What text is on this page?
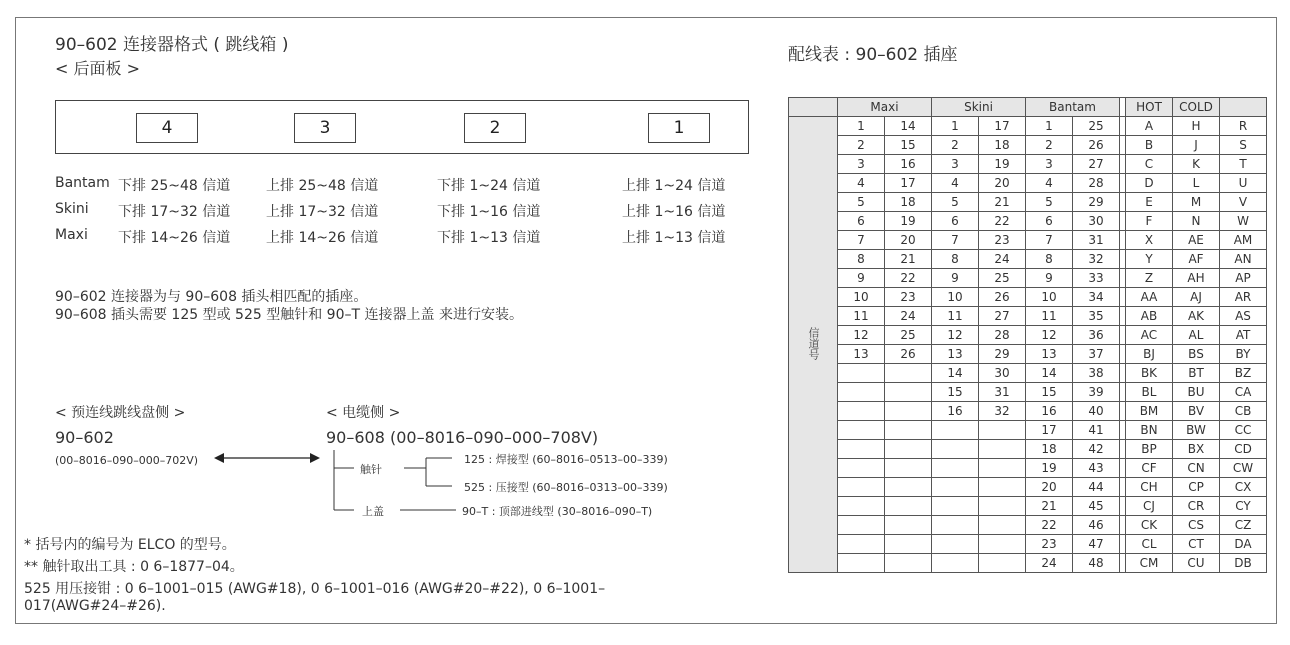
90–602 连接器格式 ( 跳线箱 )
< 后面板 >
4	3	2	1
Bantam 下排 25~48 信道	上排 25~48 信道	下排 1~24 信道	上排 1~24 信道
Skini 下排 17~32 信道	上排 17~32 信道	下排 1~16 信道	上排 1~16 信道
Maxi 下排 14~26 信道	上排 14~26 信道	下排 1~13 信道	上排 1~13 信道
90–602 连接器为与 90–608 插头相匹配的插座。
90–608 插头需要 125 型或 525 型触针和 90–T 连接器上盖 来进行安装。
< 预连线跳线盘侧 >	< 电缆侧 >
90–602	90–608 (00–8016–090–000–708V)
(00–8016–090–000–702V)
触针
上盖
125 : 焊接型 (60–8016–0513–00–339)
525 : 压接型 (60–8016–0313–00–339)
90–T : 顶部进线型 (30–8016–090–T)
* 括号内的编号为 ELCO 的型号。
** 触针取出工具 : 0 6–1877–04。
525 用压接钳 : 0 6–1001–015 (AWG#18), 0 6–1001–016 (AWG#20–#22), 0 6–1001–
017(AWG#24–#26).
配线表 : 90–602 插座
	Maxi		Skini		Bantam			HOT	COLD	
信道号	1	14	1	17	1	25		A	H	R
	2	15	2	18	2	26		B	J	S
	3	16	3	19	3	27		C	K	T
	4	17	4	20	4	28		D	L	U
	5	18	5	21	5	29		E	M	V
	6	19	6	22	6	30		F	N	W
	7	20	7	23	7	31		X	AE	AM
	8	21	8	24	8	32		Y	AF	AN
	9	22	9	25	9	33		Z	AH	AP
	10	23	10	26	10	34		AA	AJ	AR
	11	24	11	27	11	35		AB	AK	AS
	12	25	12	28	12	36		AC	AL	AT
	13	26	13	29	13	37		BJ	BS	BY
			14	30	14	38		BK	BT	BZ
			15	31	15	39		BL	BU	CA
			16	32	16	40		BM	BV	CB
					17	41		BN	BW	CC
					18	42		BP	BX	CD
					19	43		CF	CN	CW
					20	44		CH	CP	CX
					21	45		CJ	CR	CY
					22	46		CK	CS	CZ
					23	47		CL	CT	DA
					24	48		CM	CU	DB
